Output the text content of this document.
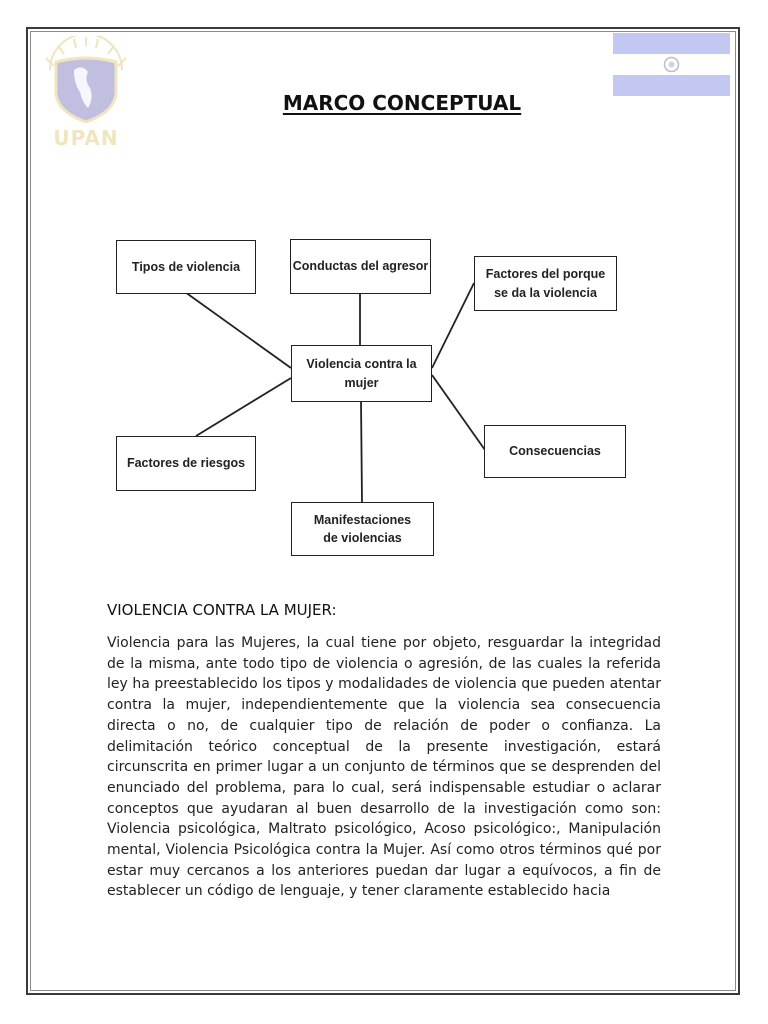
UPAN
MARCO CONCEPTUAL
Tipos de violencia	Conductas del agresor
Factores del porque se da la violencia
Violencia contra la mujer
Factores de riesgos
Consecuencias
Manifestaciones de violencias
VIOLENCIA CONTRA LA MUJER:
Violencia para las Mujeres, la cual tiene por objeto, resguardar la integridad de la misma, ante todo tipo de violencia o agresión, de las cuales la referida ley ha preestablecido los tipos y modalidades de violencia que pueden atentar contra la mujer, independientemente que la violencia sea consecuencia directa o no, de cualquier tipo de relación de poder o confianza. La delimitación teórico conceptual de la presente investigación, estará circunscrita en primer lugar a un conjunto de términos que se desprenden del enunciado del problema, para lo cual, será indispensable estudiar o aclarar conceptos que ayudaran al buen desarrollo de la investigación como son: Violencia psicológica, Maltrato psicológico, Acoso psicológico:, Manipulación mental, Violencia Psicológica contra la Mujer. Así como otros términos qué por estar muy cercanos a los anteriores puedan dar lugar a equívocos, a fin de establecer un código de lenguaje, y tener claramente establecido hacia
